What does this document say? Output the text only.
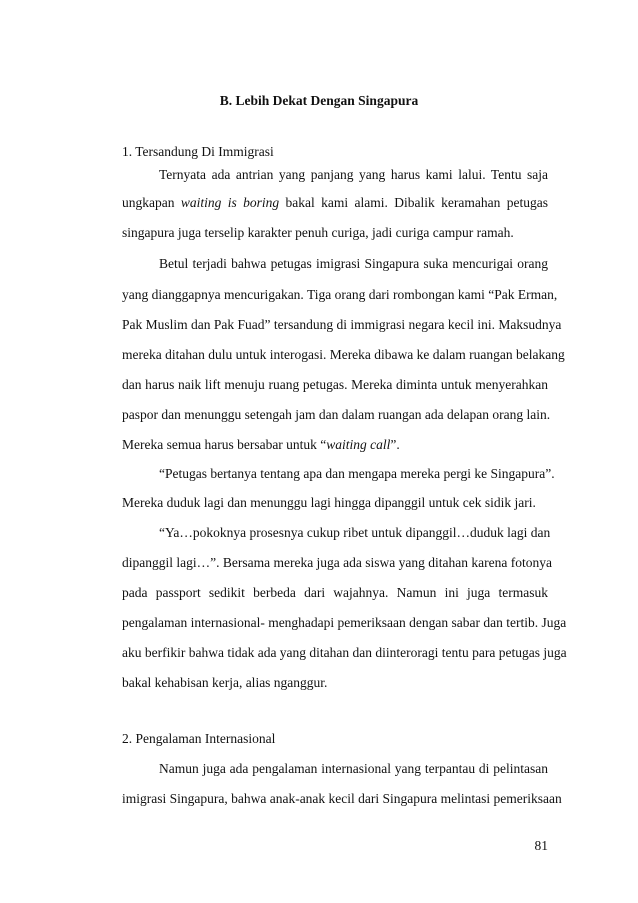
B. Lebih Dekat Dengan Singapura
1. Tersandung Di Immigrasi
Ternyata ada antrian yang panjang yang harus kami lalui. Tentu saja
ungkapan waiting is boring bakal kami alami. Dibalik keramahan petugas
singapura juga terselip karakter penuh curiga, jadi curiga campur ramah.
Betul terjadi bahwa petugas imigrasi Singapura suka mencurigai orang
yang dianggapnya mencurigakan. Tiga orang dari rombongan kami “Pak Erman,
Pak Muslim dan Pak Fuad” tersandung di immigrasi negara kecil ini. Maksudnya
mereka ditahan dulu untuk interogasi. Mereka dibawa ke dalam ruangan belakang
dan harus naik lift menuju ruang petugas. Mereka diminta untuk menyerahkan
paspor dan menunggu setengah jam dan dalam ruangan ada delapan orang lain.
Mereka semua harus bersabar untuk “waiting call”.
“Petugas bertanya tentang apa dan mengapa mereka pergi ke Singapura”.
Mereka duduk lagi dan menunggu lagi hingga dipanggil untuk cek sidik jari.
“Ya…pokoknya prosesnya cukup ribet untuk dipanggil…duduk lagi dan
dipanggil lagi…”. Bersama mereka juga ada siswa yang ditahan karena fotonya
pada passport sedikit berbeda dari wajahnya. Namun ini juga termasuk
pengalaman internasional- menghadapi pemeriksaan dengan sabar dan tertib. Juga
aku berfikir bahwa tidak ada yang ditahan dan diinteroragi tentu para petugas juga
bakal kehabisan kerja, alias nganggur.
2. Pengalaman Internasional
Namun juga ada pengalaman internasional yang terpantau di pelintasan
imigrasi Singapura, bahwa anak-anak kecil dari Singapura melintasi pemeriksaan
81
